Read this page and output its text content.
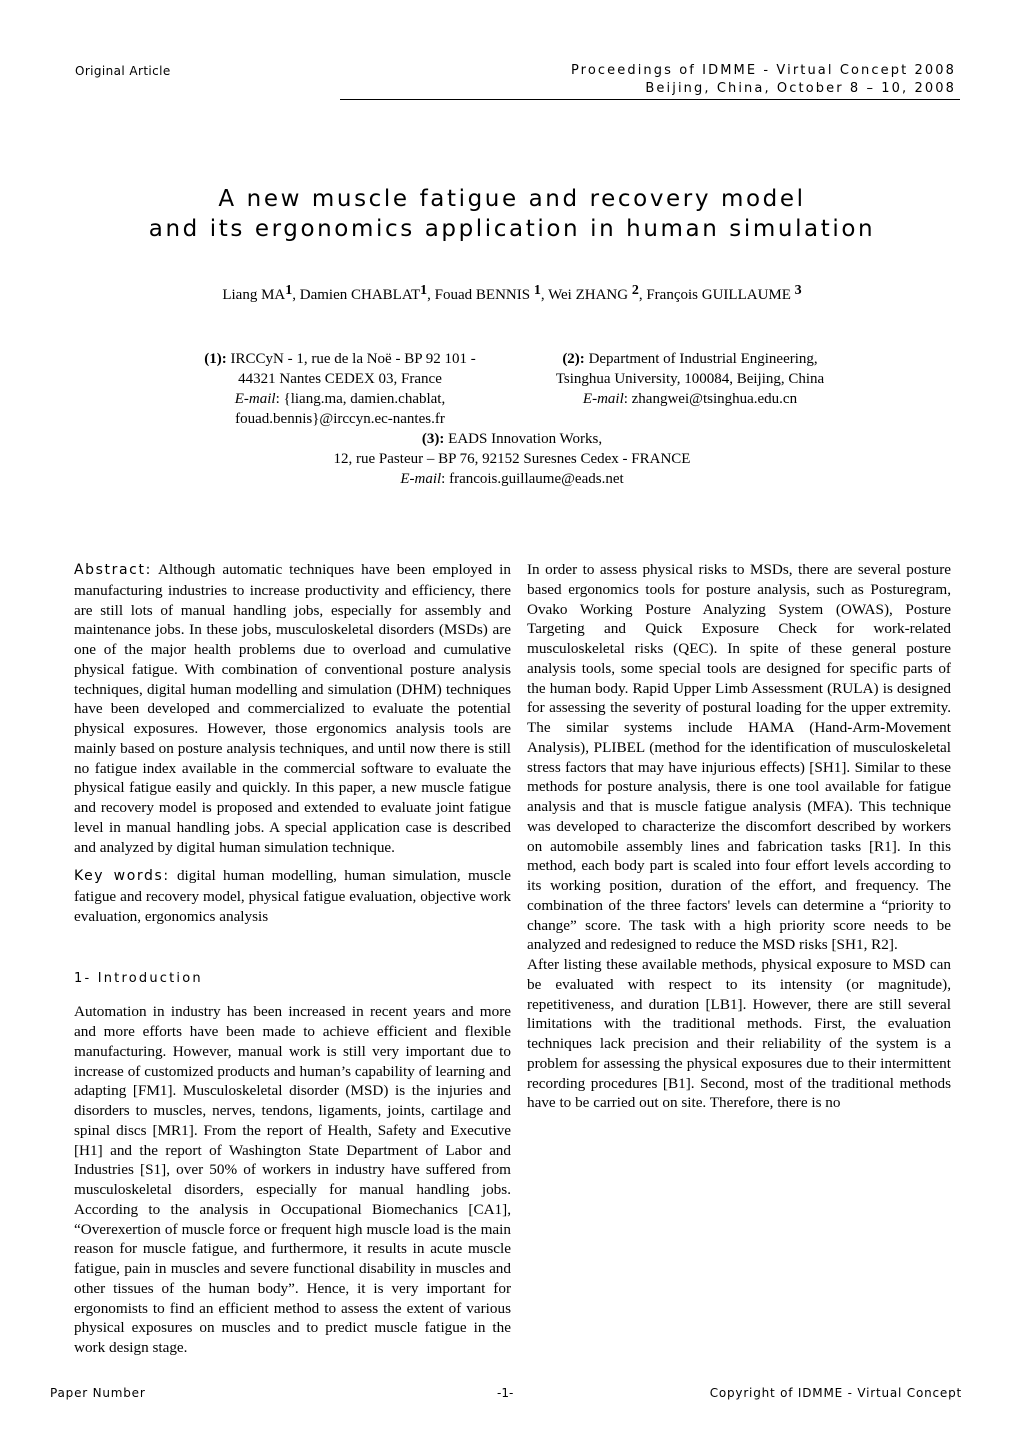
Original Article	Proceedings of IDMME - Virtual Concept 2008
Beijing, China, October 8 – 10, 2008
A new muscle fatigue and recovery model
and its ergonomics application in human simulation
Liang $MA^1$, Damien CHABLAT$^1$, Fouad BENNIS $^1$, Wei ZHANG $^2$, François GUILLAUME $^3$
(1): IRCCyN - 1, rue de la Noë - BP 92 101 -
44321 Nantes CEDEX 03, France
E-mail: {liang.ma, damien.chablat,
fouad.bennis}@irccyn.ec-nantes.fr
(2): Department of Industrial Engineering,
Tsinghua University, 100084, Beijing, China
E-mail: zhangwei@tsinghua.edu.cn
(3): EADS Innovation Works,
12, rue Pasteur – BP 76, 92152 Suresnes Cedex - FRANCE
E-mail: francois.guillaume@eads.net

Abstract: Although automatic techniques have been employed in manufacturing industries to increase productivity and efficiency, there are still lots of manual handling jobs, especially for assembly and maintenance jobs. In these jobs, musculoskeletal disorders (MSDs) are one of the major health problems due to overload and cumulative physical fatigue. With combination of conventional posture analysis techniques, digital human modelling and simulation (DHM) techniques have been developed and commercialized to evaluate the potential physical exposures. However, those ergonomics analysis tools are mainly based on posture analysis techniques, and until now there is still no fatigue index available in the commercial software to evaluate the physical fatigue easily and quickly. In this paper, a new muscle fatigue and recovery model is proposed and extended to evaluate joint fatigue level in manual handling jobs. A special application case is described and analyzed by digital human simulation technique.

Key words: digital human modelling, human simulation, muscle fatigue and recovery model, physical fatigue evaluation, objective work evaluation, ergonomics analysis

1- Introduction

Automation in industry has been increased in recent years and more and more efforts have been made to achieve efficient and flexible manufacturing. However, manual work is still very important due to increase of customized products and human’s capability of learning and adapting [FM1]. Musculoskeletal disorder (MSD) is the injuries and disorders to muscles, nerves, tendons, ligaments, joints, cartilage and spinal discs [MR1]. From the report of Health, Safety and Executive [H1] and the report of Washington State Department of Labor and Industries [S1], over 50% of workers in industry have suffered from musculoskeletal disorders, especially for manual handling jobs. According to the analysis in Occupational Biomechanics [CA1], “Overexertion of muscle force or frequent high muscle load is the main reason for muscle fatigue, and furthermore, it results in acute muscle fatigue, pain in muscles and severe functional disability in muscles and other tissues of the human body”. Hence, it is very important for ergonomists to find an efficient method to assess the extent of various physical exposures on muscles and to predict muscle fatigue in the work design stage.

In order to assess physical risks to MSDs, there are several posture based ergonomics tools for posture analysis, such as Posturegram, Ovako Working Posture Analyzing System (OWAS), Posture Targeting and Quick Exposure Check for work-related musculoskeletal risks (QEC). In spite of these general posture analysis tools, some special tools are designed for specific parts of the human body. Rapid Upper Limb Assessment (RULA) is designed for assessing the severity of postural loading for the upper extremity. The similar systems include HAMA (Hand-Arm-Movement Analysis), PLIBEL (method for the identification of musculoskeletal stress factors that may have injurious effects) [SH1]. Similar to these methods for posture analysis, there is one tool available for fatigue analysis and that is muscle fatigue analysis (MFA). This technique was developed to characterize the discomfort described by workers on automobile assembly lines and fabrication tasks [R1]. In this method, each body part is scaled into four effort levels according to its working position, duration of the effort, and frequency. The combination of the three factors' levels can determine a “priority to change” score. The task with a high priority score needs to be analyzed and redesigned to reduce the MSD risks [SH1, R2].

After listing these available methods, physical exposure to MSD can be evaluated with respect to its intensity (or magnitude), repetitiveness, and duration [LB1]. However, there are still several limitations with the traditional methods. First, the evaluation techniques lack precision and their reliability of the system is a problem for assessing the physical exposures due to their intermittent recording procedures [B1]. Second, most of the traditional methods have to be carried out on site. Therefore, there is no

Paper Number	-1-	Copyright of IDMME - Virtual Concept
